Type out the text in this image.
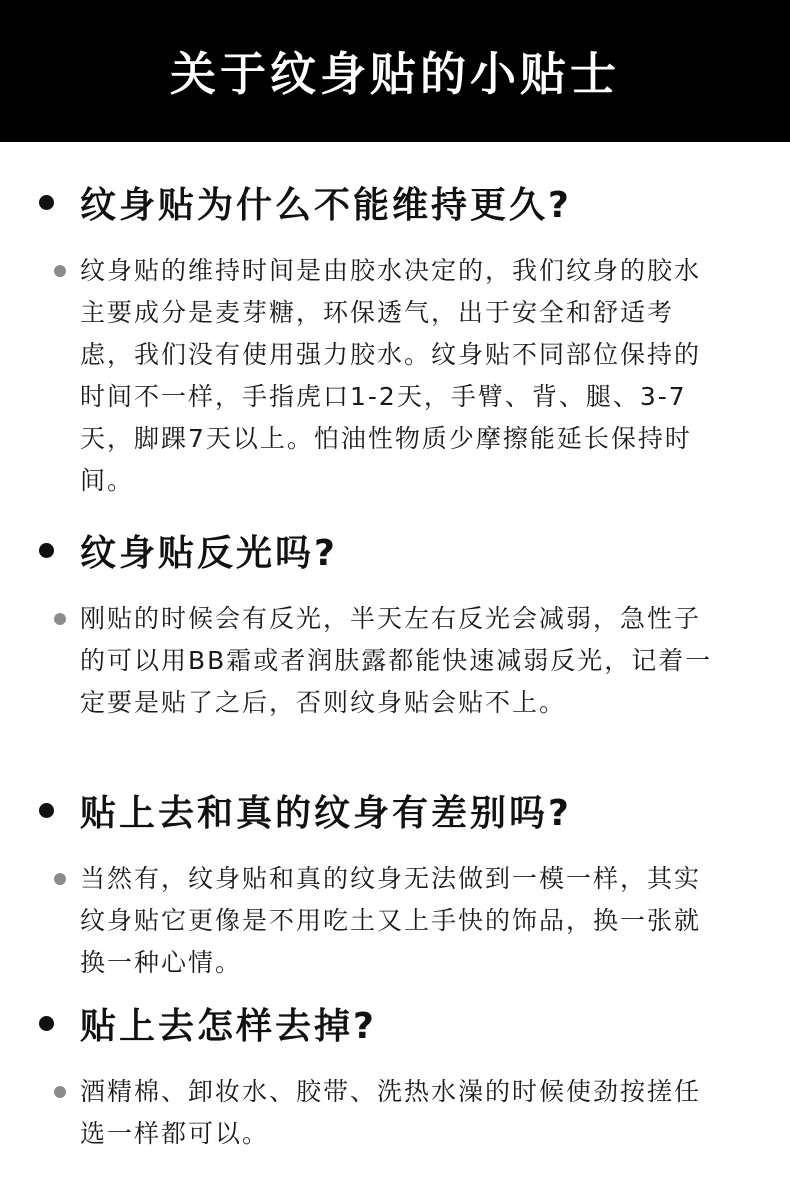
关于纹身贴的小贴士
纹身贴为什么不能维持更久?
纹身贴的维持时间是由胶水决定的，我们纹身的胶水主要成分是麦芽糖，环保透气，出于安全和舒适考虑，我们没有使用强力胶水。纹身贴不同部位保持的时间不一样，手指虎口1-2天，手臂、背、腿、3-7天，脚踝7天以上。怕油性物质少摩擦能延长保持时间。
纹身贴反光吗?
刚贴的时候会有反光，半天左右反光会减弱，急性子的可以用BB霜或者润肤露都能快速减弱反光，记着一定要是贴了之后，否则纹身贴会贴不上。
贴上去和真的纹身有差别吗?
当然有，纹身贴和真的纹身无法做到一模一样，其实纹身贴它更像是不用吃土又上手快的饰品，换一张就换一种心情。
贴上去怎样去掉?
酒精棉、卸妆水、胶带、洗热水澡的时候使劲按搓任选一样都可以。
